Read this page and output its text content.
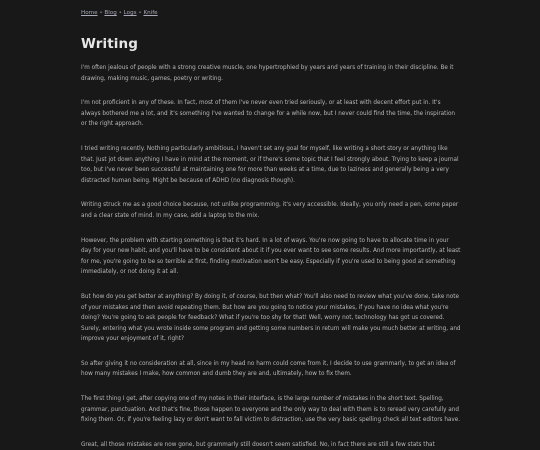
Home • Blog • Logs • Knife
Writing

I'm often jealous of people with a strong creative muscle, one hypertrophied by years and years of training in their discipline. Be it drawing, making music, games, poetry or writing.

I'm not proficient in any of these. In fact, most of them I've never even tried seriously, or at least with decent effort put in. It's always bothered me a lot, and it's something I've wanted to change for a while now, but I never could find the time, the inspiration or the right approach.

I tried writing recently. Nothing particularly ambitious, I haven't set any goal for myself, like writing a short story or anything like that. Just jot down anything I have in mind at the moment, or if there's some topic that I feel strongly about. Trying to keep a journal too, but I've never been successful at maintaining one for more than weeks at a time, due to laziness and generally being a very distracted human being. Might be because of ADHD (no diagnosis though).

Writing struck me as a good choice because, not unlike programming, it's very accessible. Ideally, you only need a pen, some paper and a clear state of mind. In my case, add a laptop to the mix.

However, the problem with starting something is that it's hard. In a lot of ways. You're now going to have to allocate time in your day for your new habit, and you'll have to be consistent about it if you ever want to see some results. And more importantly, at least for me, you're going to be so terrible at first, finding motivation won't be easy. Especially if you're used to being good at something immediately, or not doing it at all.

But how do you get better at anything? By doing it, of course, but then what? You'll also need to review what you've done, take note of your mistakes and then avoid repeating them. But how are you going to notice your mistakes, if you have no idea what you're doing? You're going to ask people for feedback? What if you're too shy for that! Well, worry not, technology has got us covered. Surely, entering what you wrote inside some program and getting some numbers in return will make you much better at writing, and improve your enjoyment of it, right?

So after giving it no consideration at all, since in my head no harm could come from it, I decide to use grammarly, to get an idea of how many mistakes I make, how common and dumb they are and, ultimately, how to fix them.

The first thing I get, after copying one of my notes in their interface, is the large number of mistakes in the short text. Spelling, grammar, punctuation. And that's fine, those happen to everyone and the only way to deal with them is to reread very carefully and fixing them. Or, if you're feeling lazy or don't want to fall victim to distraction, use the very basic spelling check all text editors have.

Great, all those mistakes are now gone, but grammarly still doesn't seem satisfied. No, in fact there are still a few stats that
